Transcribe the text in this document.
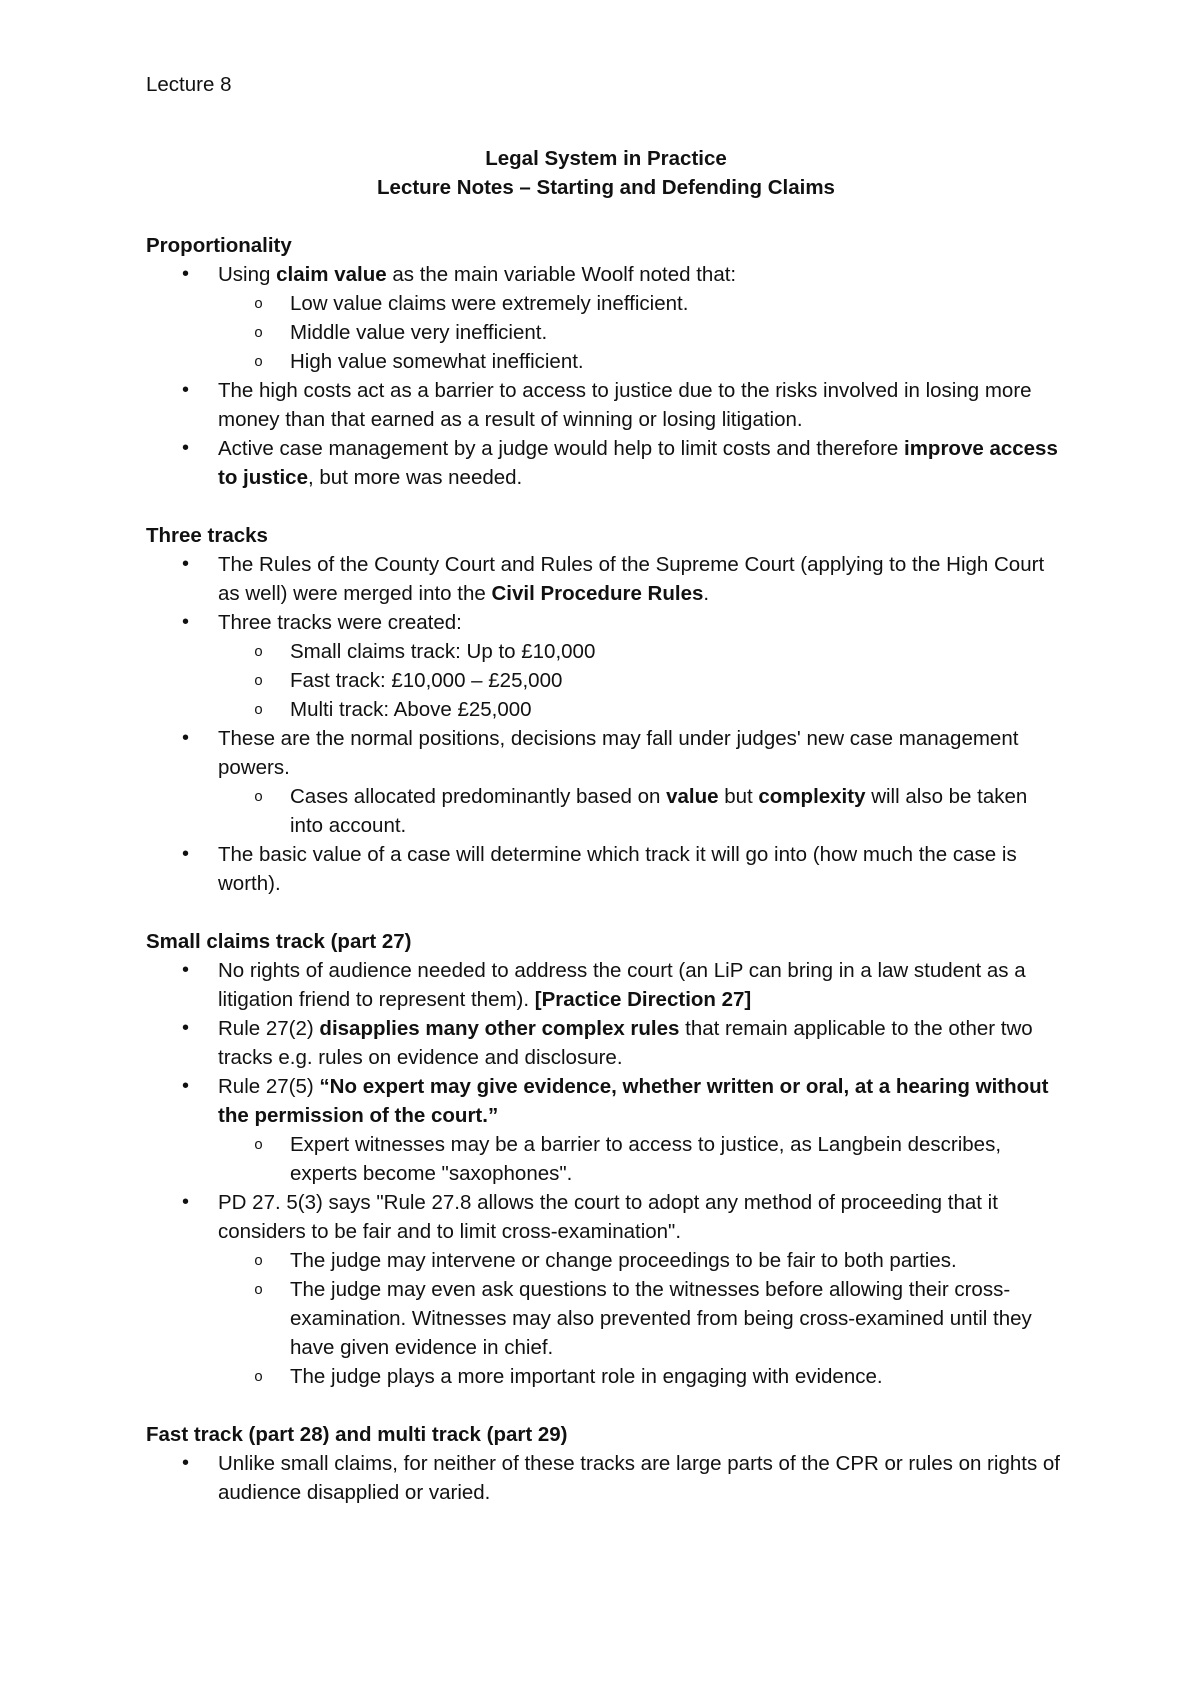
Lecture 8
Legal System in Practice
Lecture Notes – Starting and Defending Claims
Proportionality
• Using claim value as the main variable Woolf noted that:
o Low value claims were extremely inefficient.
o Middle value very inefficient.
o High value somewhat inefficient.
• The high costs act as a barrier to access to justice due to the risks involved in losing more money than that earned as a result of winning or losing litigation.
• Active case management by a judge would help to limit costs and therefore improve access to justice, but more was needed.
Three tracks
• The Rules of the County Court and Rules of the Supreme Court (applying to the High Court as well) were merged into the Civil Procedure Rules.
• Three tracks were created:
o Small claims track: Up to £10,000
o Fast track: £10,000 – £25,000
o Multi track: Above £25,000
• These are the normal positions, decisions may fall under judges' new case management powers.
o Cases allocated predominantly based on value but complexity will also be taken into account.
• The basic value of a case will determine which track it will go into (how much the case is worth).
Small claims track (part 27)
• No rights of audience needed to address the court (an LiP can bring in a law student as a litigation friend to represent them). [Practice Direction 27]
• Rule 27(2) disapplies many other complex rules that remain applicable to the other two tracks e.g. rules on evidence and disclosure.
• Rule 27(5) “No expert may give evidence, whether written or oral, at a hearing without the permission of the court.”
o Expert witnesses may be a barrier to access to justice, as Langbein describes, experts become "saxophones".
• PD 27. 5(3) says "Rule 27.8 allows the court to adopt any method of proceeding that it considers to be fair and to limit cross-examination".
o The judge may intervene or change proceedings to be fair to both parties.
o The judge may even ask questions to the witnesses before allowing their cross-examination. Witnesses may also prevented from being cross-examined until they have given evidence in chief.
o The judge plays a more important role in engaging with evidence.
Fast track (part 28) and multi track (part 29)
• Unlike small claims, for neither of these tracks are large parts of the CPR or rules on rights of audience disapplied or varied.
